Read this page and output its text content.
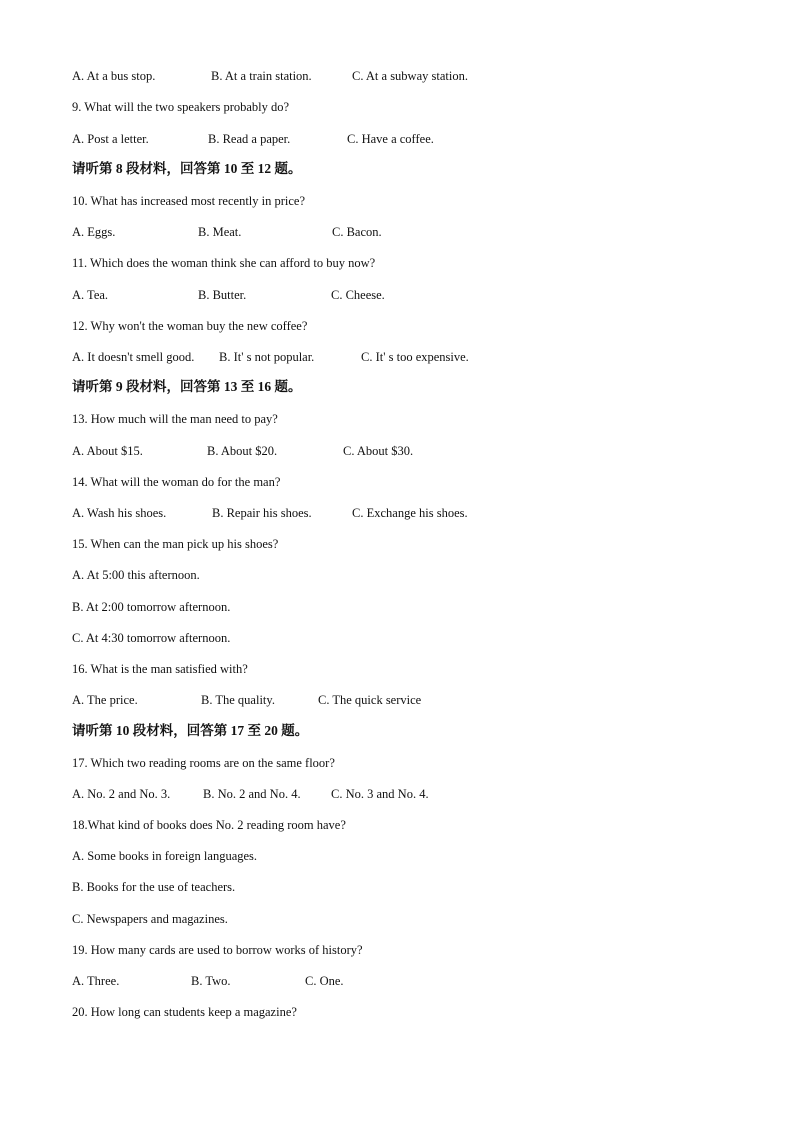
A. At a bus stop.	B. At a train station.	C. At a subway station.
9. What will the two speakers probably do?
A. Post a letter.	B. Read a paper.	C. Have a coffee.
请听第 8 段材料，回答第 10 至 12 题。
10. What has increased most recently in price?
A. Eggs.	B. Meat.	C. Bacon.
11. Which does the woman think she can afford to buy now?
A. Tea.	B. Butter.	C. Cheese.
12. Why won't the woman buy the new coffee?
A. It doesn't smell good. B. It' s not popular.	C. It' s too expensive.
请听第 9 段材料，回答第 13 至 16 题。
13. How much will the man need to pay?
A. About $15.	B. About $20.	C. About $30.
14. What will the woman do for the man?
A. Wash his shoes.	B. Repair his shoes.	C. Exchange his shoes.
15. When can the man pick up his shoes?
A. At 5:00 this afternoon.
B. At 2:00 tomorrow afternoon.
C. At 4:30 tomorrow afternoon.
16. What is the man satisfied with?
A. The price.	B. The quality.	C. The quick service
请听第 10 段材料，回答第 17 至 20 题。
17. Which two reading rooms are on the same floor?
A. No. 2 and No. 3.	B. No. 2 and No. 4. C. No. 3 and No. 4.
18.What kind of books does No. 2 reading room have?
A. Some books in foreign languages.
B. Books for the use of teachers.
C. Newspapers and magazines.
19. How many cards are used to borrow works of history?
A. Three.	B. Two.	C. One.
20. How long can students keep a magazine?
